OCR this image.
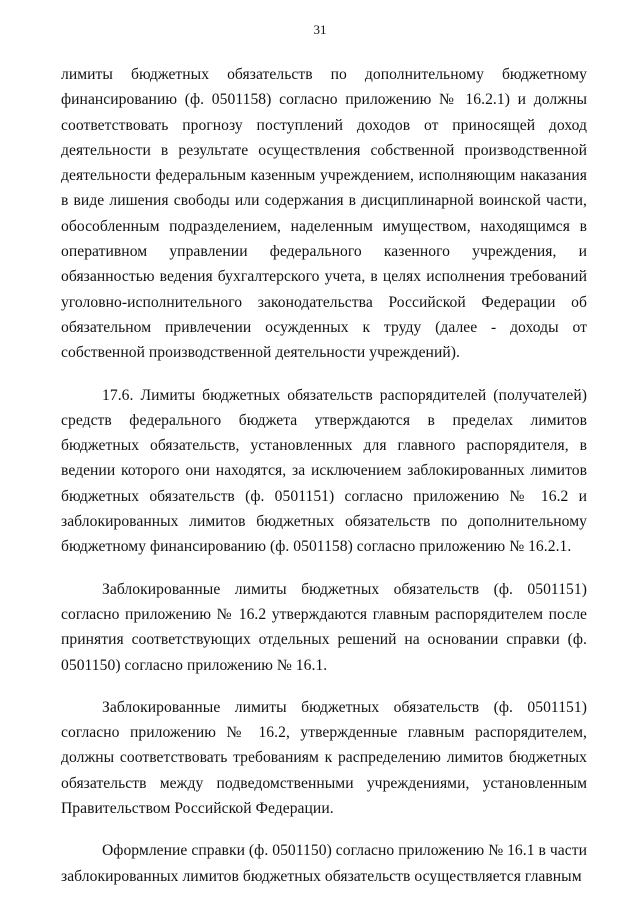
31

лимиты бюджетных обязательств по дополнительному бюджетному финансированию (ф. 0501158) согласно приложению № 16.2.1) и должны соответствовать прогнозу поступлений доходов от приносящей доход деятельности в результате осуществления собственной производственной деятельности федеральным казенным учреждением, исполняющим наказания в виде лишения свободы или содержания в дисциплинарной воинской части, обособленным подразделением, наделенным имуществом, находящимся в оперативном управлении федерального казенного учреждения, и обязанностью ведения бухгалтерского учета, в целях исполнения требований уголовно-исполнительного законодательства Российской Федерации об обязательном привлечении осужденных к труду (далее - доходы от собственной производственной деятельности учреждений).

17.6. Лимиты бюджетных обязательств распорядителей (получателей) средств федерального бюджета утверждаются в пределах лимитов бюджетных обязательств, установленных для главного распорядителя, в ведении которого они находятся, за исключением заблокированных лимитов бюджетных обязательств (ф. 0501151) согласно приложению № 16.2 и заблокированных лимитов бюджетных обязательств по дополнительному бюджетному финансированию (ф. 0501158) согласно приложению № 16.2.1.

Заблокированные лимиты бюджетных обязательств (ф. 0501151) согласно приложению № 16.2 утверждаются главным распорядителем после принятия соответствующих отдельных решений на основании справки (ф. 0501150) согласно приложению № 16.1.

Заблокированные лимиты бюджетных обязательств (ф. 0501151) согласно приложению № 16.2, утвержденные главным распорядителем, должны соответствовать требованиям к распределению лимитов бюджетных обязательств между подведомственными учреждениями, установленным Правительством Российской Федерации.

Оформление справки (ф. 0501150) согласно приложению № 16.1 в части заблокированных лимитов бюджетных обязательств осуществляется главным
